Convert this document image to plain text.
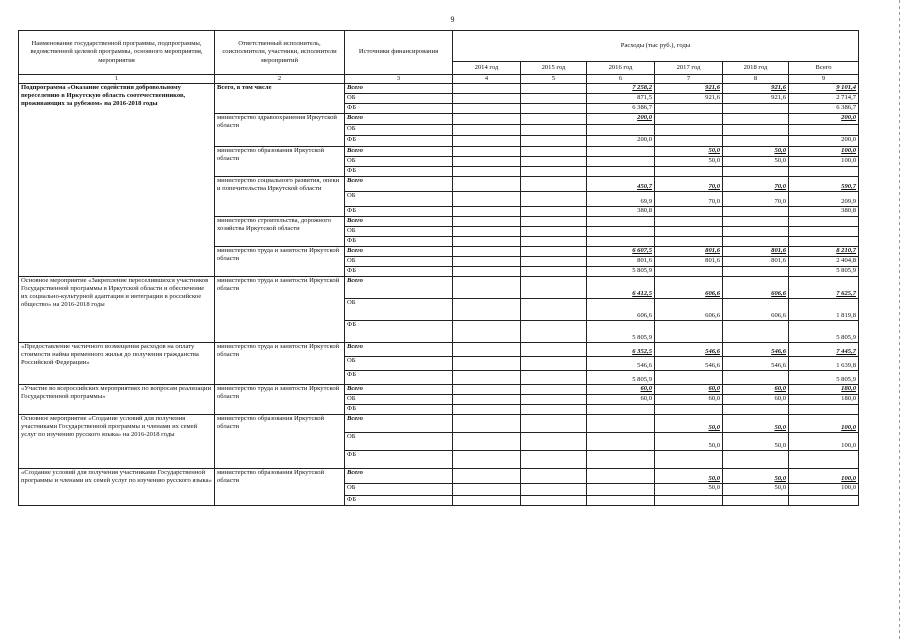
9
Наименование государственной программы, подпрограммы, ведомственной целевой программы, основного мероприятия, мероприятия	Ответственный исполнитель, соисполнители, участники, исполнители мероприятий	Источники финансирования	Расходы (тыс руб.), годы					
			2014 год	2015 год	2016 год	2017 год	2018 год	Всего
1	2	3	4	5	6	7	8	9
Подпрограмма «Оказание содействия добровольному переселению в Иркутскую область соотечественников, проживающих за рубежом» на 2016-2018 годы	Всего, в том числе	Всего			7 258,2	921,6	921,6	9 101,4
		ОБ			871,5	921,6	921,6	2 714,7
		ФБ			6 386,7			6 386,7
	министерство здравоохранения Иркутской области	Всего			200,0			200,0
		ОБ						
		ФБ			200,0			200,0
	министерство образования Иркутской области	Всего				50,0	50,0	100,0
		ОБ				50,0	50,0	100,0
		ФБ						
	министерство социального развития, опеки и попечительства Иркутской области	Всего			450,7	70,0	70,0	590,7
		ОБ			69,9	70,0	70,0	209,9
		ФБ			380,8			380,8
	министерство строительства, дорожного хозяйства Иркутской области	Всего						
		ОБ						
		ФБ						
	министерство труда и занятости Иркутской области	Всего			6 607,5	801,6	801,6	8 210,7
		ОБ			801,6	801,6	801,6	2 404,8
		ФБ			5 805,9			5 805,9
Основное мероприятие «Закрепление переселившихся участников Государственной программы в Иркутской области и обеспечение их социально-культурной адаптации и интеграции в российское общество» на 2016-2018 годы	министерство труда и занятости Иркутской области	Всего			6 412,5	606,6	606,6	7 625,7
		ОБ			606,6	606,6	606,6	1 819,8
		ФБ			5 805,9			5 805,9
«Предоставление частичного возмещения расходов на оплату стоимости найма временного жилья до получения гражданства Российской Федерации»	министерство труда и занятости Иркутской области	Всего			6 352,5	546,6	546,6	7 445,7
		ОБ			546,6	546,6	546,6	1 639,8
		ФБ			5 805,9			5 805,9
«Участие во всероссийских мероприятиях по вопросам реализации Государственной программы»	министерство труда и занятости Иркутской области	Всего			60,0	60,0	60,0	180,0
		ОБ			60,0	60,0	60,0	180,0
		ФБ						
Основное мероприятие «Создание условий для получения участниками Государственной программы и членами их семей услуг по изучению русского языка» на 2016-2018 годы	министерство образования Иркутской области	Всего				50,0	50,0	100,0
		ОБ				50,0	50,0	100,0
		ФБ						
«Создание условий для получения участниками Государственной программы и членами их семей услуг по изучению русского языка»	министерство образования Иркутской области	Всего				50,0	50,0	100,0
		ОБ				50,0	50,0	100,0
		ФБ						
